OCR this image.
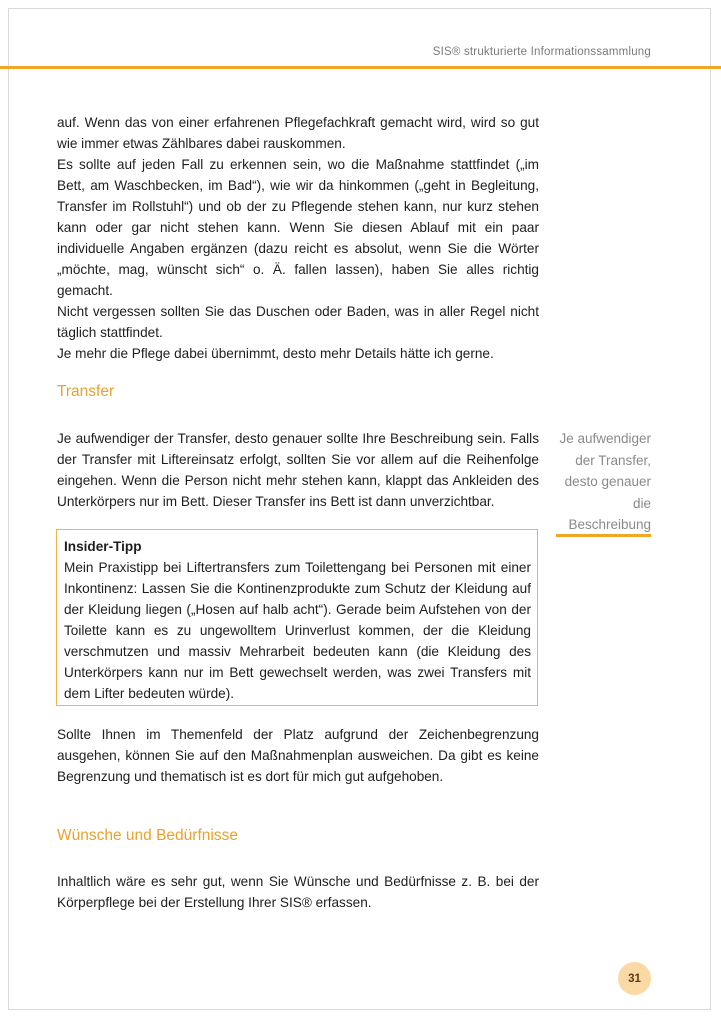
SIS® strukturierte Informationssammlung

auf. Wenn das von einer erfahrenen Pflegefachkraft gemacht wird, wird so gut wie immer etwas Zählbares dabei rauskommen.

Es sollte auf jeden Fall zu erkennen sein, wo die Maßnahme stattfindet („im Bett, am Waschbecken, im Bad“), wie wir da hinkommen („geht in Begleitung, Transfer im Rollstuhl“) und ob der zu Pflegende stehen kann, nur kurz stehen kann oder gar nicht stehen kann. Wenn Sie diesen Ablauf mit ein paar individuelle Angaben ergänzen (dazu reicht es absolut, wenn Sie die Wörter „möchte, mag, wünscht sich“ o. Ä. fallen lassen), haben Sie alles richtig gemacht.

Nicht vergessen sollten Sie das Duschen oder Baden, was in aller Regel nicht täglich stattfindet.

Je mehr die Pflege dabei übernimmt, desto mehr Details hätte ich gerne.

Transfer
Je aufwendiger der Transfer, desto genauer sollte Ihre Beschreibung sein. Falls der Transfer mit Liftereinsatz erfolgt, sollten Sie vor allem auf die Reihenfolge eingehen. Wenn die Person nicht mehr stehen kann, klappt das Ankleiden des Unterkörpers nur im Bett. Dieser Transfer ins Bett ist dann unverzichtbar.
Je aufwendiger der Transfer, desto genauer die Beschreibung
Insider-Tipp
Mein Praxistipp bei Liftertransfers zum Toilettengang bei Personen mit einer Inkontinenz: Lassen Sie die Kontinenzprodukte zum Schutz der Kleidung auf der Kleidung liegen („Hosen auf halb acht“). Gerade beim Aufstehen von der Toilette kann es zu ungewolltem Urinverlust kommen, der die Kleidung verschmutzen und massiv Mehrarbeit bedeuten kann (die Kleidung des Unterkörpers kann nur im Bett gewechselt werden, was zwei Transfers mit dem Lifter bedeuten würde).
Sollte Ihnen im Themenfeld der Platz aufgrund der Zeichenbegrenzung ausgehen, können Sie auf den Maßnahmenplan ausweichen. Da gibt es keine Begrenzung und thematisch ist es dort für mich gut aufgehoben.
Wünsche und Bedürfnisse
Inhaltlich wäre es sehr gut, wenn Sie Wünsche und Bedürfnisse z. B. bei der Körperpflege bei der Erstellung Ihrer SIS® erfassen.
31
